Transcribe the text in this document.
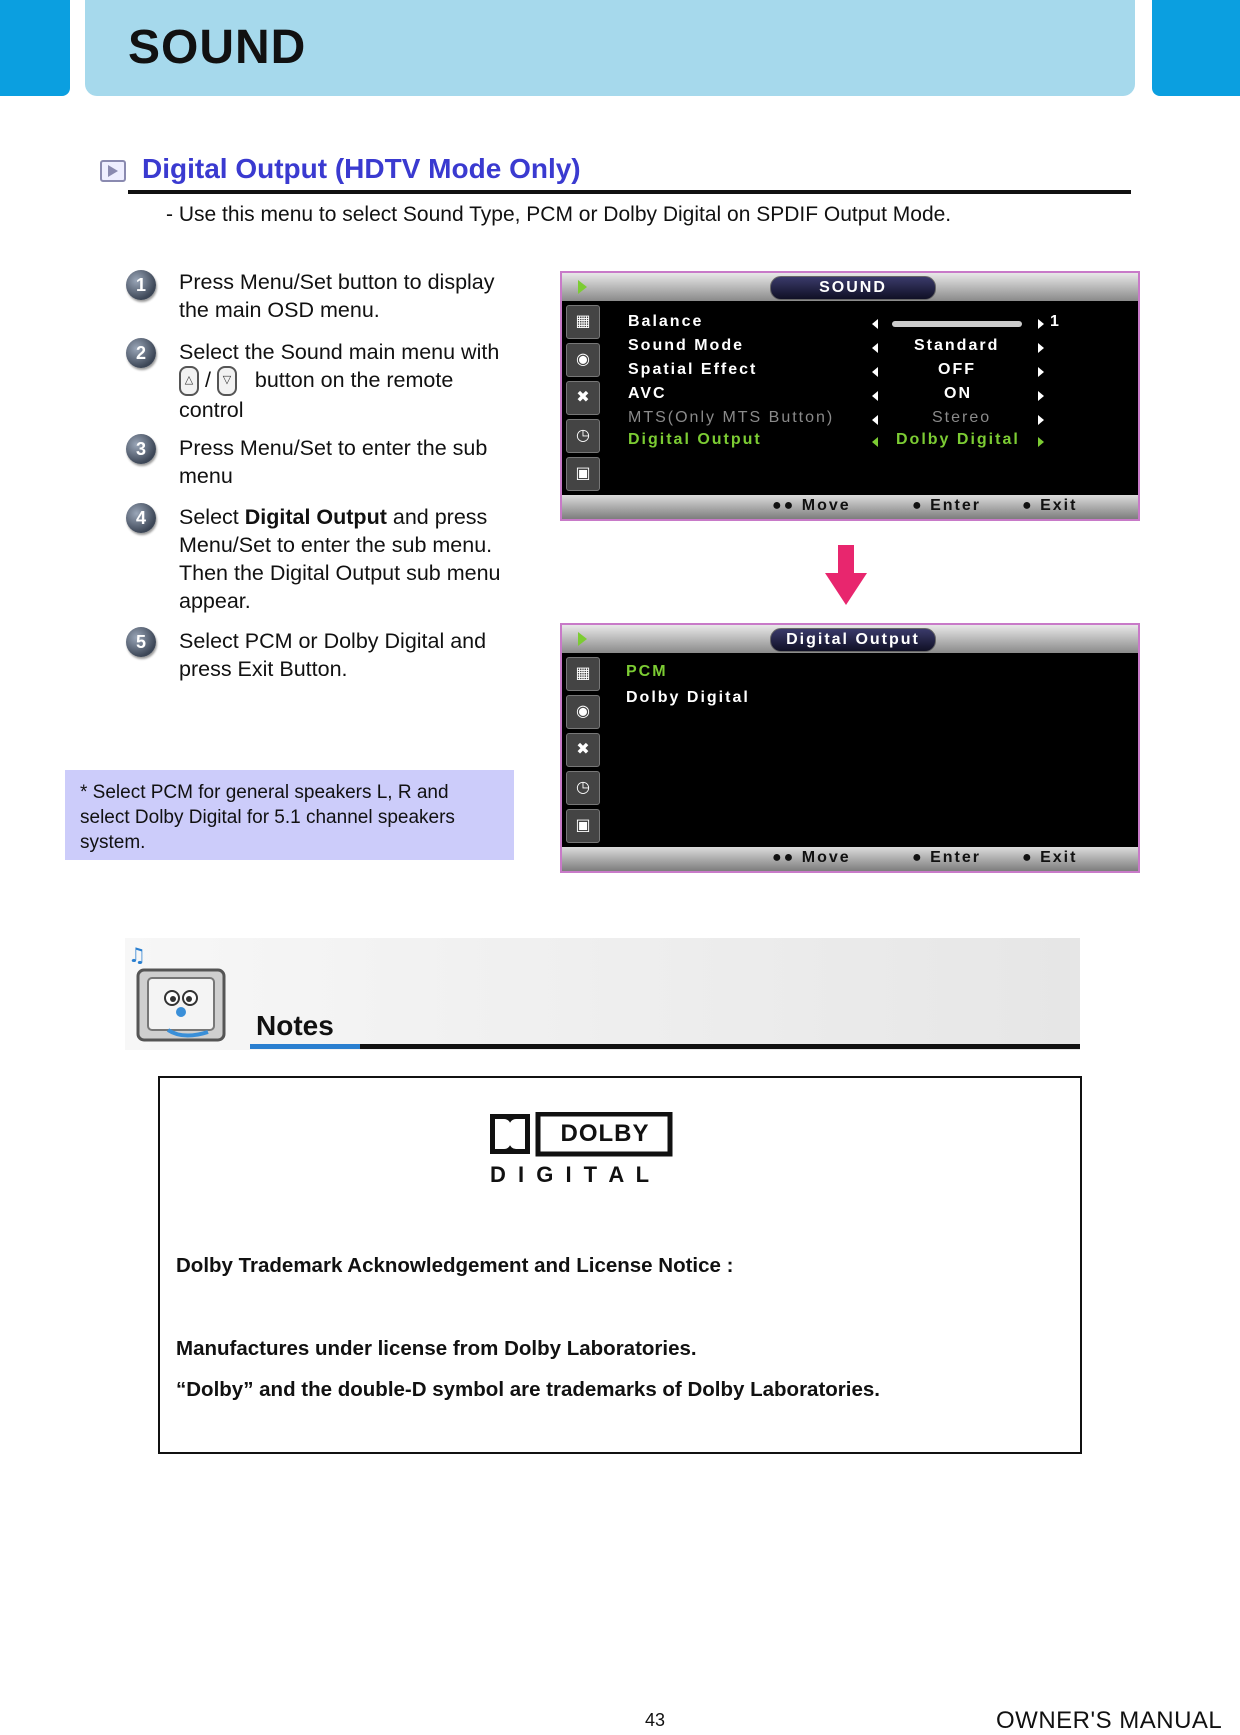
SOUND
Digital Output (HDTV Mode Only)
- Use this menu to select Sound Type, PCM or Dolby Digital on SPDIF Output Mode.
1	Press Menu/Set button to display the main OSD menu.
2	Select the Sound main menu with △ / ▽ button on the remote control
3	Press Menu/Set to enter the sub menu
4	Select Digital Output and press Menu/Set to enter the sub menu. Then the Digital Output sub menu appear.
5	Select PCM or Dolby Digital and press Exit Button.
* Select PCM for general speakers L, R and select Dolby Digital for 5.1 channel speakers system.
SOUND
▦
◉
✖
◷
▣
Balance	1
Sound Mode	Standard
Spatial Effect	OFF
AVC	ON
MTS(Only MTS Button)	Stereo
Digital Output	Dolby Digital
●● Move	● Enter	● Exit
Digital Output
▦
◉
✖
◷
▣
PCM
Dolby Digital
●● Move	● Enter	● Exit
♫
Notes
DOLBY
D I G I T A L
Dolby Trademark Acknowledgement and License Notice :
Manufactures under license from Dolby Laboratories.
“Dolby” and the double-D symbol are trademarks of Dolby Laboratories.
43	OWNER'S MANUAL
